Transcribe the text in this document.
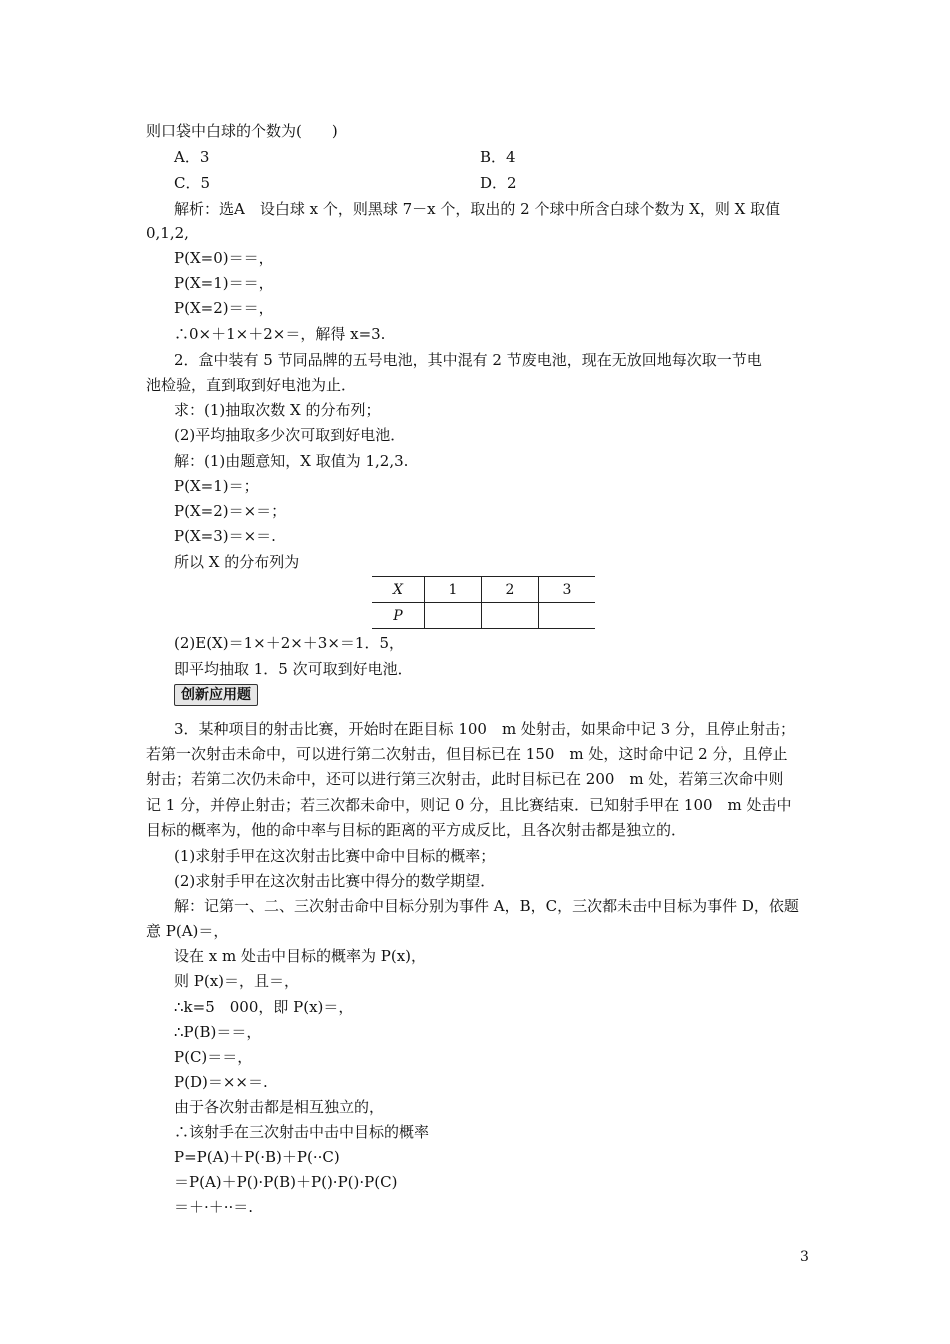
则口袋中白球的个数为(　　)
A．3	B．4
C．5	D．2
解析：选A　设白球 x 个，则黑球 7－x 个，取出的 2 个球中所含白球个数为 X，则 X 取值
0,1,2,
P(X=0)＝＝，
P(X=1)＝＝，
P(X=2)＝＝，
∴0×＋1×＋2×＝，解得 x=3.
2．盒中装有 5 节同品牌的五号电池，其中混有 2 节废电池，现在无放回地每次取一节电
池检验，直到取到好电池为止．
求：(1)抽取次数 X 的分布列；
(2)平均抽取多少次可取到好电池．
解：(1)由题意知，X 取值为 1,2,3.
P(X=1)＝；
P(X=2)＝×＝；
P(X=3)＝×＝.
所以 X 的分布列为
X	1	2	3
P			
(2)E(X)＝1×＋2×＋3×＝1．5，
即平均抽取 1．5 次可取到好电池．
创新应用题
3．某种项目的射击比赛，开始时在距目标 100　m 处射击，如果命中记 3 分，且停止射击；
若第一次射击未命中，可以进行第二次射击，但目标已在 150　m 处，这时命中记 2 分，且停止
射击；若第二次仍未命中，还可以进行第三次射击，此时目标已在 200　m 处，若第三次命中则
记 1 分，并停止射击；若三次都未命中，则记 0 分，且比赛结束．已知射手甲在 100　m 处击中
目标的概率为，他的命中率与目标的距离的平方成反比，且各次射击都是独立的．
(1)求射手甲在这次射击比赛中命中目标的概率；
(2)求射手甲在这次射击比赛中得分的数学期望．
解：记第一、二、三次射击命中目标分别为事件 A，B，C，三次都未击中目标为事件 D，依题
意 P(A)＝，
设在 x m 处击中目标的概率为 P(x)，
则 P(x)＝，且＝，
∴k=5　000，即 P(x)＝，
∴P(B)＝＝，
P(C)＝＝，
P(D)＝××＝.
由于各次射击都是相互独立的，
∴该射手在三次射击中击中目标的概率
P=P(A)＋P(·B)＋P(··C)
＝P(A)＋P()·P(B)＋P()·P()·P(C)
＝＋·＋··＝.
3
